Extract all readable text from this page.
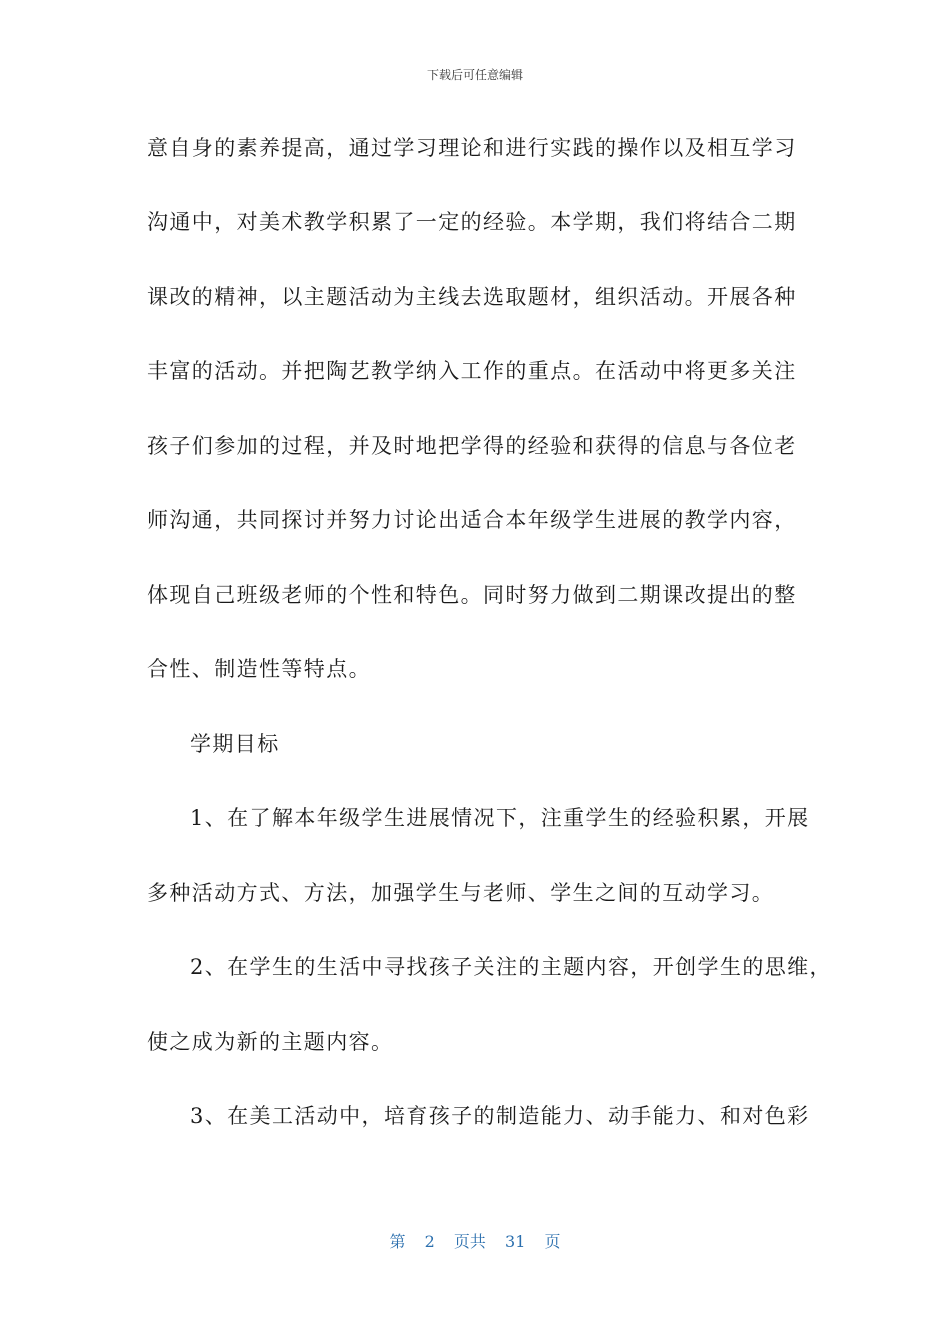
下载后可任意编辑
意自身的素养提高，通过学习理论和进行实践的操作以及相互学习
沟通中，对美术教学积累了一定的经验。本学期，我们将结合二期
课改的精神，以主题活动为主线去选取题材，组织活动。开展各种
丰富的活动。并把陶艺教学纳入工作的重点。在活动中将更多关注
孩子们参加的过程，并及时地把学得的经验和获得的信息与各位老
师沟通，共同探讨并努力讨论出适合本年级学生进展的教学内容，
体现自己班级老师的个性和特色。同时努力做到二期课改提出的整
合性、制造性等特点。
学期目标
1、在了解本年级学生进展情况下，注重学生的经验积累，开展
多种活动方式、方法，加强学生与老师、学生之间的互动学习。
2、在学生的生活中寻找孩子关注的主题内容，开创学生的思维，
使之成为新的主题内容。
3、在美工活动中，培育孩子的制造能力、动手能力、和对色彩
第 2 页共 31 页
